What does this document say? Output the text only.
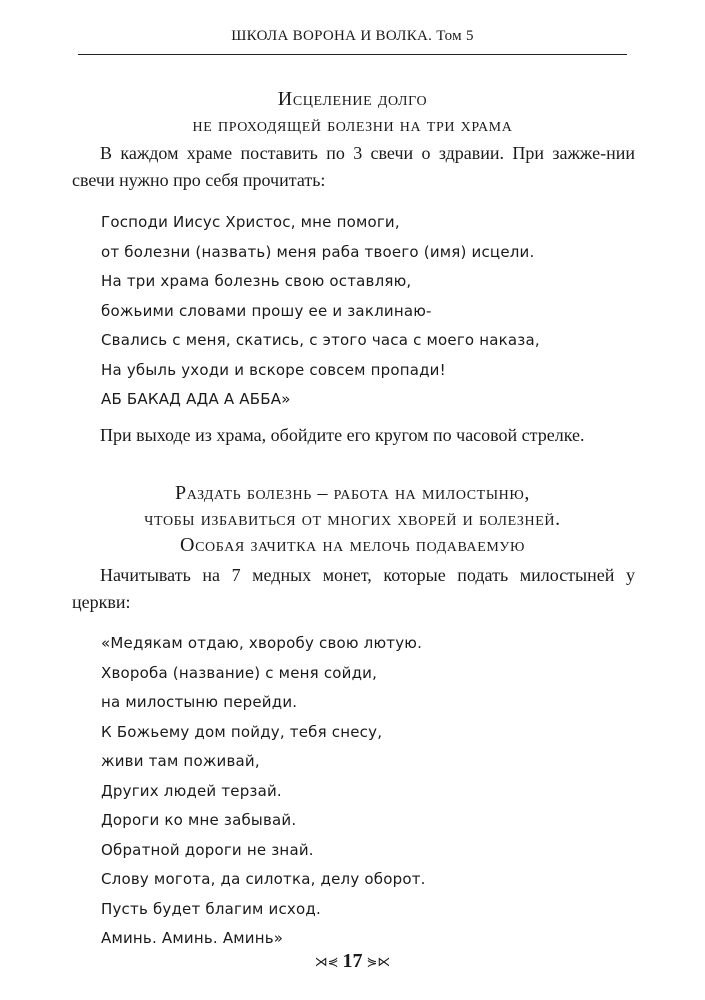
ШКОЛА ВОРОНА И ВОЛКА. Том 5
Исцеление долго
не проходящей болезни на три храма
В каждом храме поставить по 3 свечи о здравии. При зажже-нии свечи нужно про себя прочитать:
Господи Иисус Христос, мне помоги,
от болезни (назвать) меня раба твоего (имя) исцели.
На три храма болезнь свою оставляю,
божьими словами прошу ее и заклинаю-
Свались с меня, скатись, с этого часа с моего наказа,
На убыль уходи и вскоре совсем пропади!
АБ БАКАД АДА А АББА»
При выходе из храма, обойдите его кругом по часовой стрелке.
Раздать болезнь – работа на милостыню,
чтобы избавиться от многих хворей и болезней.
Особая зачитка на мелочь подаваемую
Начитывать на 7 медных монет, которые подать милостыней у церкви:
«Медякам отдаю, хворобу свою лютую.
Хвороба (название) с меня сойди,
на милостыню перейди.
К Божьему дом пойду, тебя снесу,
живи там поживай,
Других людей терзай.
Дороги ко мне забывай.
Обратной дороги не знай.
Слову могота, да силотка, делу оборот.
Пусть будет благим исход.
Аминь. Аминь. Аминь»
⋊⋞ 17 ⋟⋉
